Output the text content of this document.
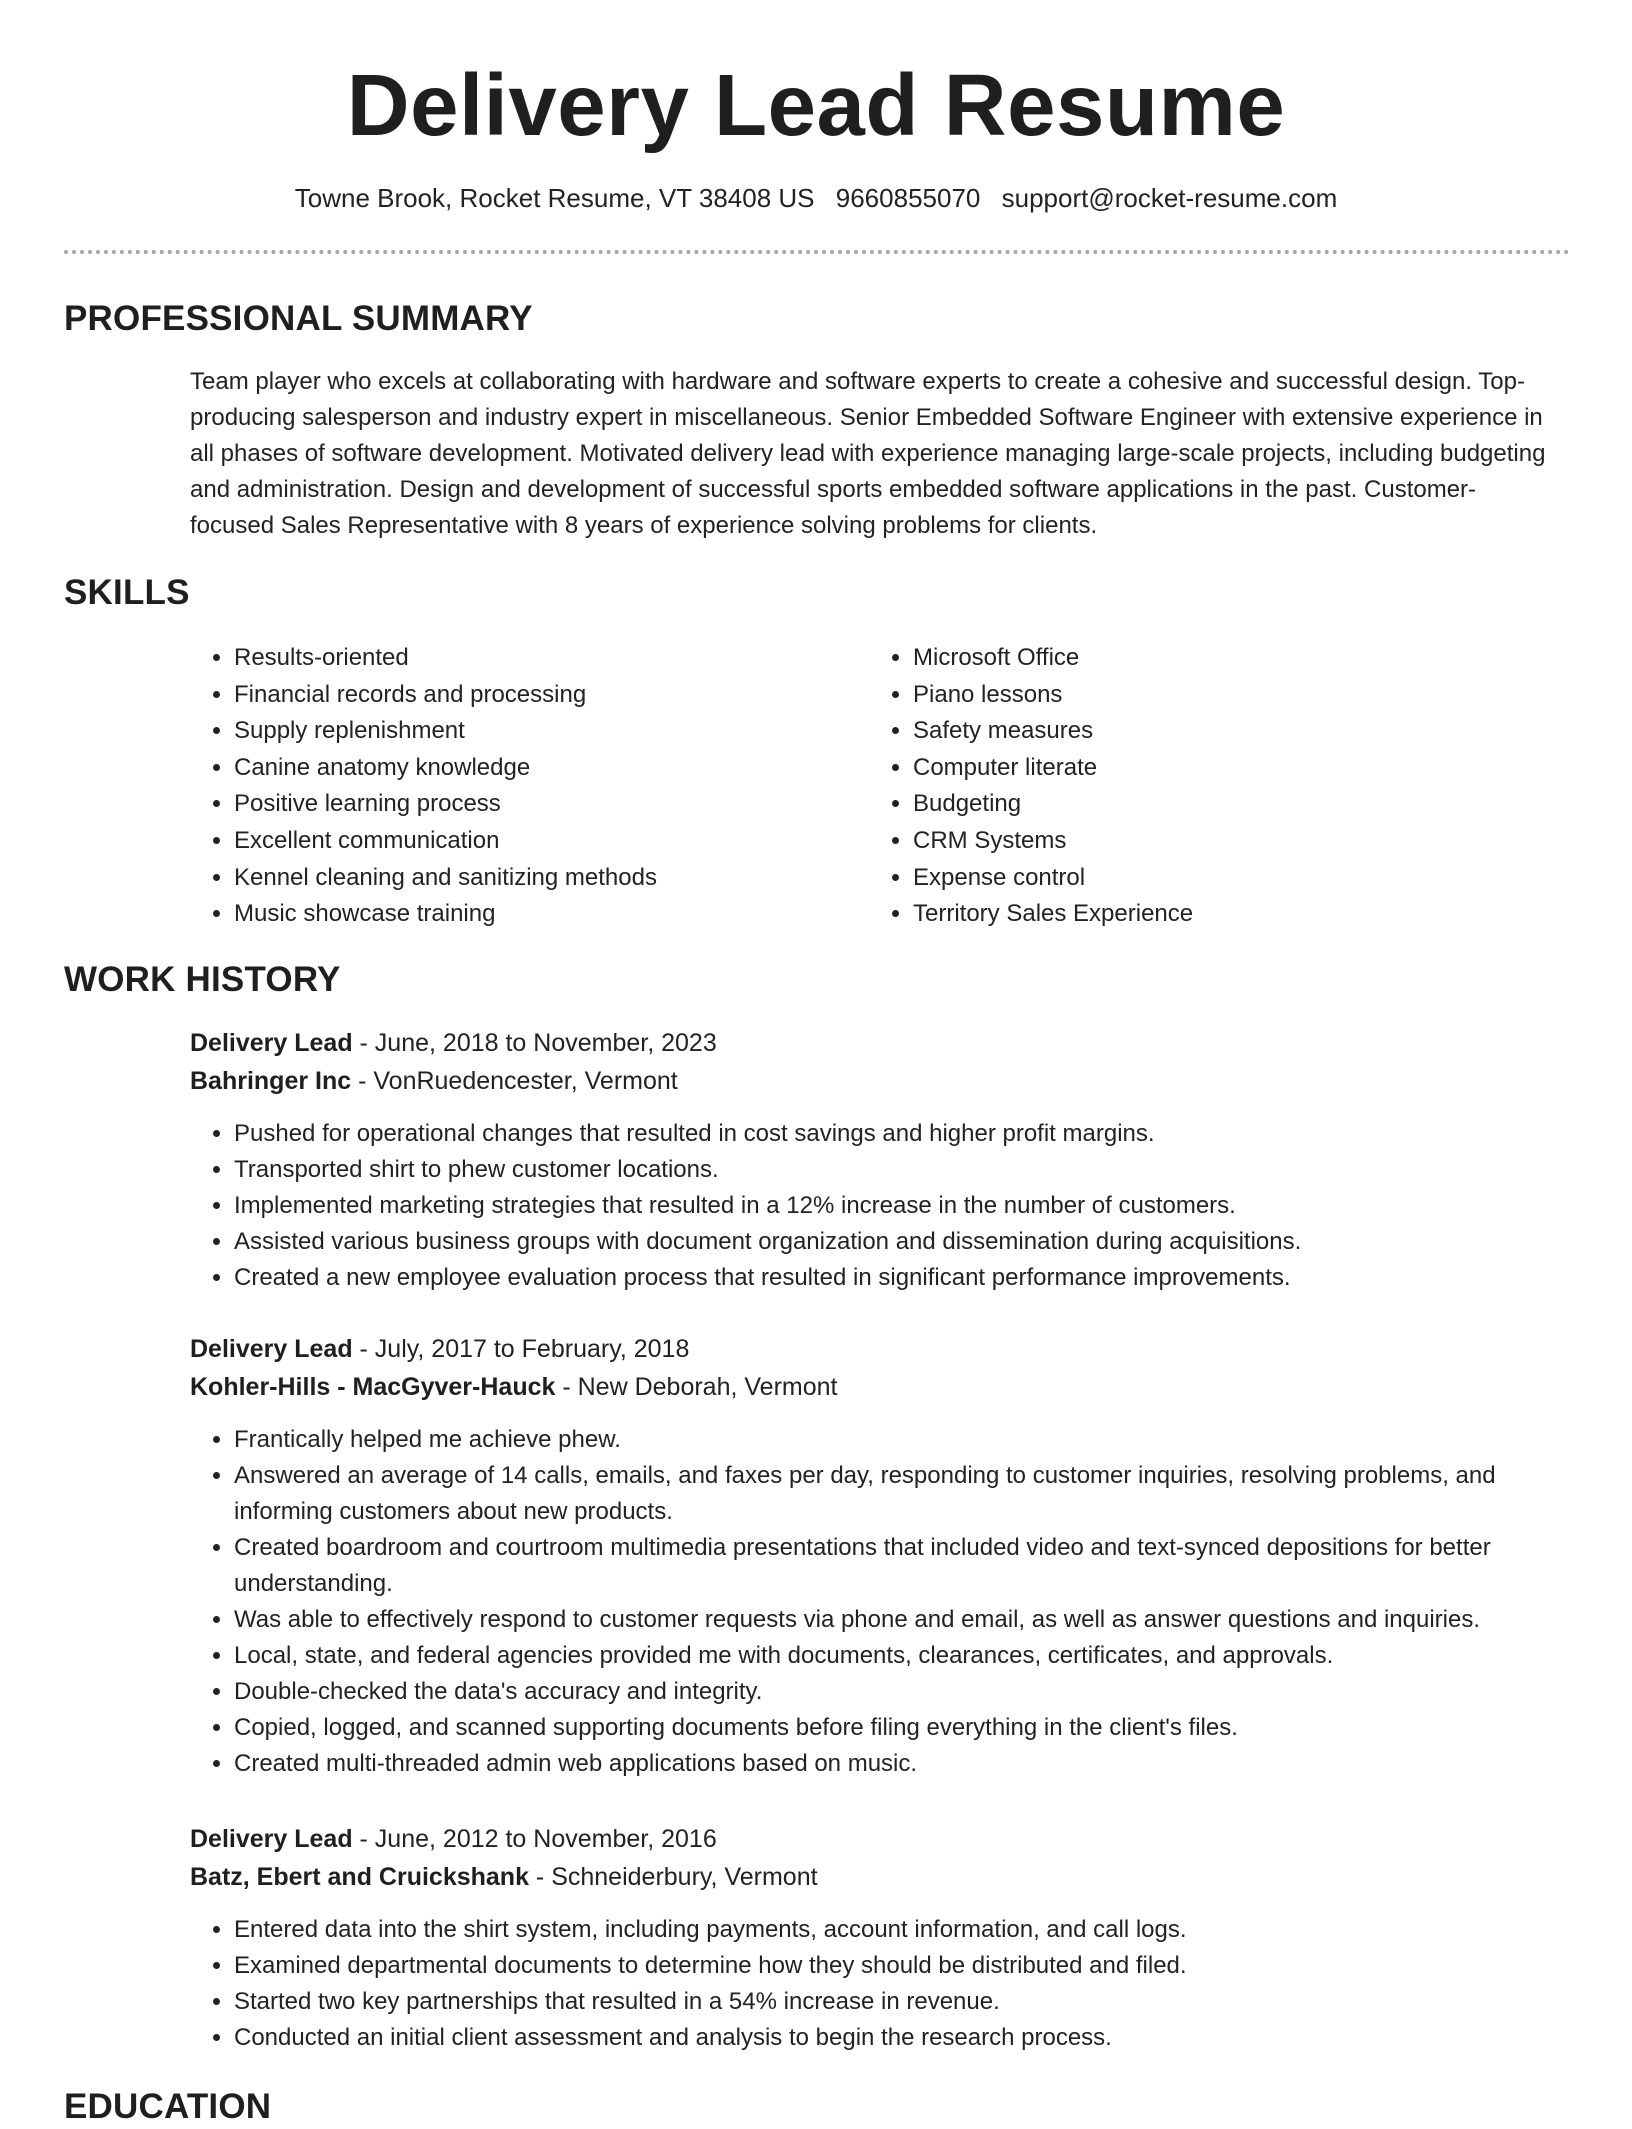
Delivery Lead Resume
Towne Brook, Rocket Resume, VT 38408 US 9660855070 support@rocket-resume.com
PROFESSIONAL SUMMARY

Team player who excels at collaborating with hardware and software experts to create a cohesive and successful design. Top-producing salesperson and industry expert in miscellaneous. Senior Embedded Software Engineer with extensive experience in all phases of software development. Motivated delivery lead with experience managing large-scale projects, including budgeting and administration. Design and development of successful sports embedded software applications in the past. Customer-focused Sales Representative with 8 years of experience solving problems for clients.

SKILLS
• Results-oriented
• Financial records and processing
• Supply replenishment
• Canine anatomy knowledge
• Positive learning process
• Excellent communication
• Kennel cleaning and sanitizing methods
• Music showcase training
• Microsoft Office
• Piano lessons
• Safety measures
• Computer literate
• Budgeting
• CRM Systems
• Expense control
• Territory Sales Experience
WORK HISTORY

Delivery Lead - June, 2018 to November, 2023

Bahringer Inc - VonRuedencester, Vermont

• Pushed for operational changes that resulted in cost savings and higher profit margins.
• Transported shirt to phew customer locations.
• Implemented marketing strategies that resulted in a 12% increase in the number of customers.
• Assisted various business groups with document organization and dissemination during acquisitions.
• Created a new employee evaluation process that resulted in significant performance improvements.

Delivery Lead - July, 2017 to February, 2018

Kohler-Hills - MacGyver-Hauck - New Deborah, Vermont

• Frantically helped me achieve phew.
• Answered an average of 14 calls, emails, and faxes per day, responding to customer inquiries, resolving problems, and informing customers about new products.
• Created boardroom and courtroom multimedia presentations that included video and text-synced depositions for better understanding.
• Was able to effectively respond to customer requests via phone and email, as well as answer questions and inquiries.
• Local, state, and federal agencies provided me with documents, clearances, certificates, and approvals.
• Double-checked the data's accuracy and integrity.
• Copied, logged, and scanned supporting documents before filing everything in the client's files.
• Created multi-threaded admin web applications based on music.

Delivery Lead - June, 2012 to November, 2016

Batz, Ebert and Cruickshank - Schneiderbury, Vermont

• Entered data into the shirt system, including payments, account information, and call logs.
• Examined departmental documents to determine how they should be distributed and filed.
• Started two key partnerships that resulted in a 54% increase in revenue.
• Conducted an initial client assessment and analysis to begin the research process.
EDUCATION
